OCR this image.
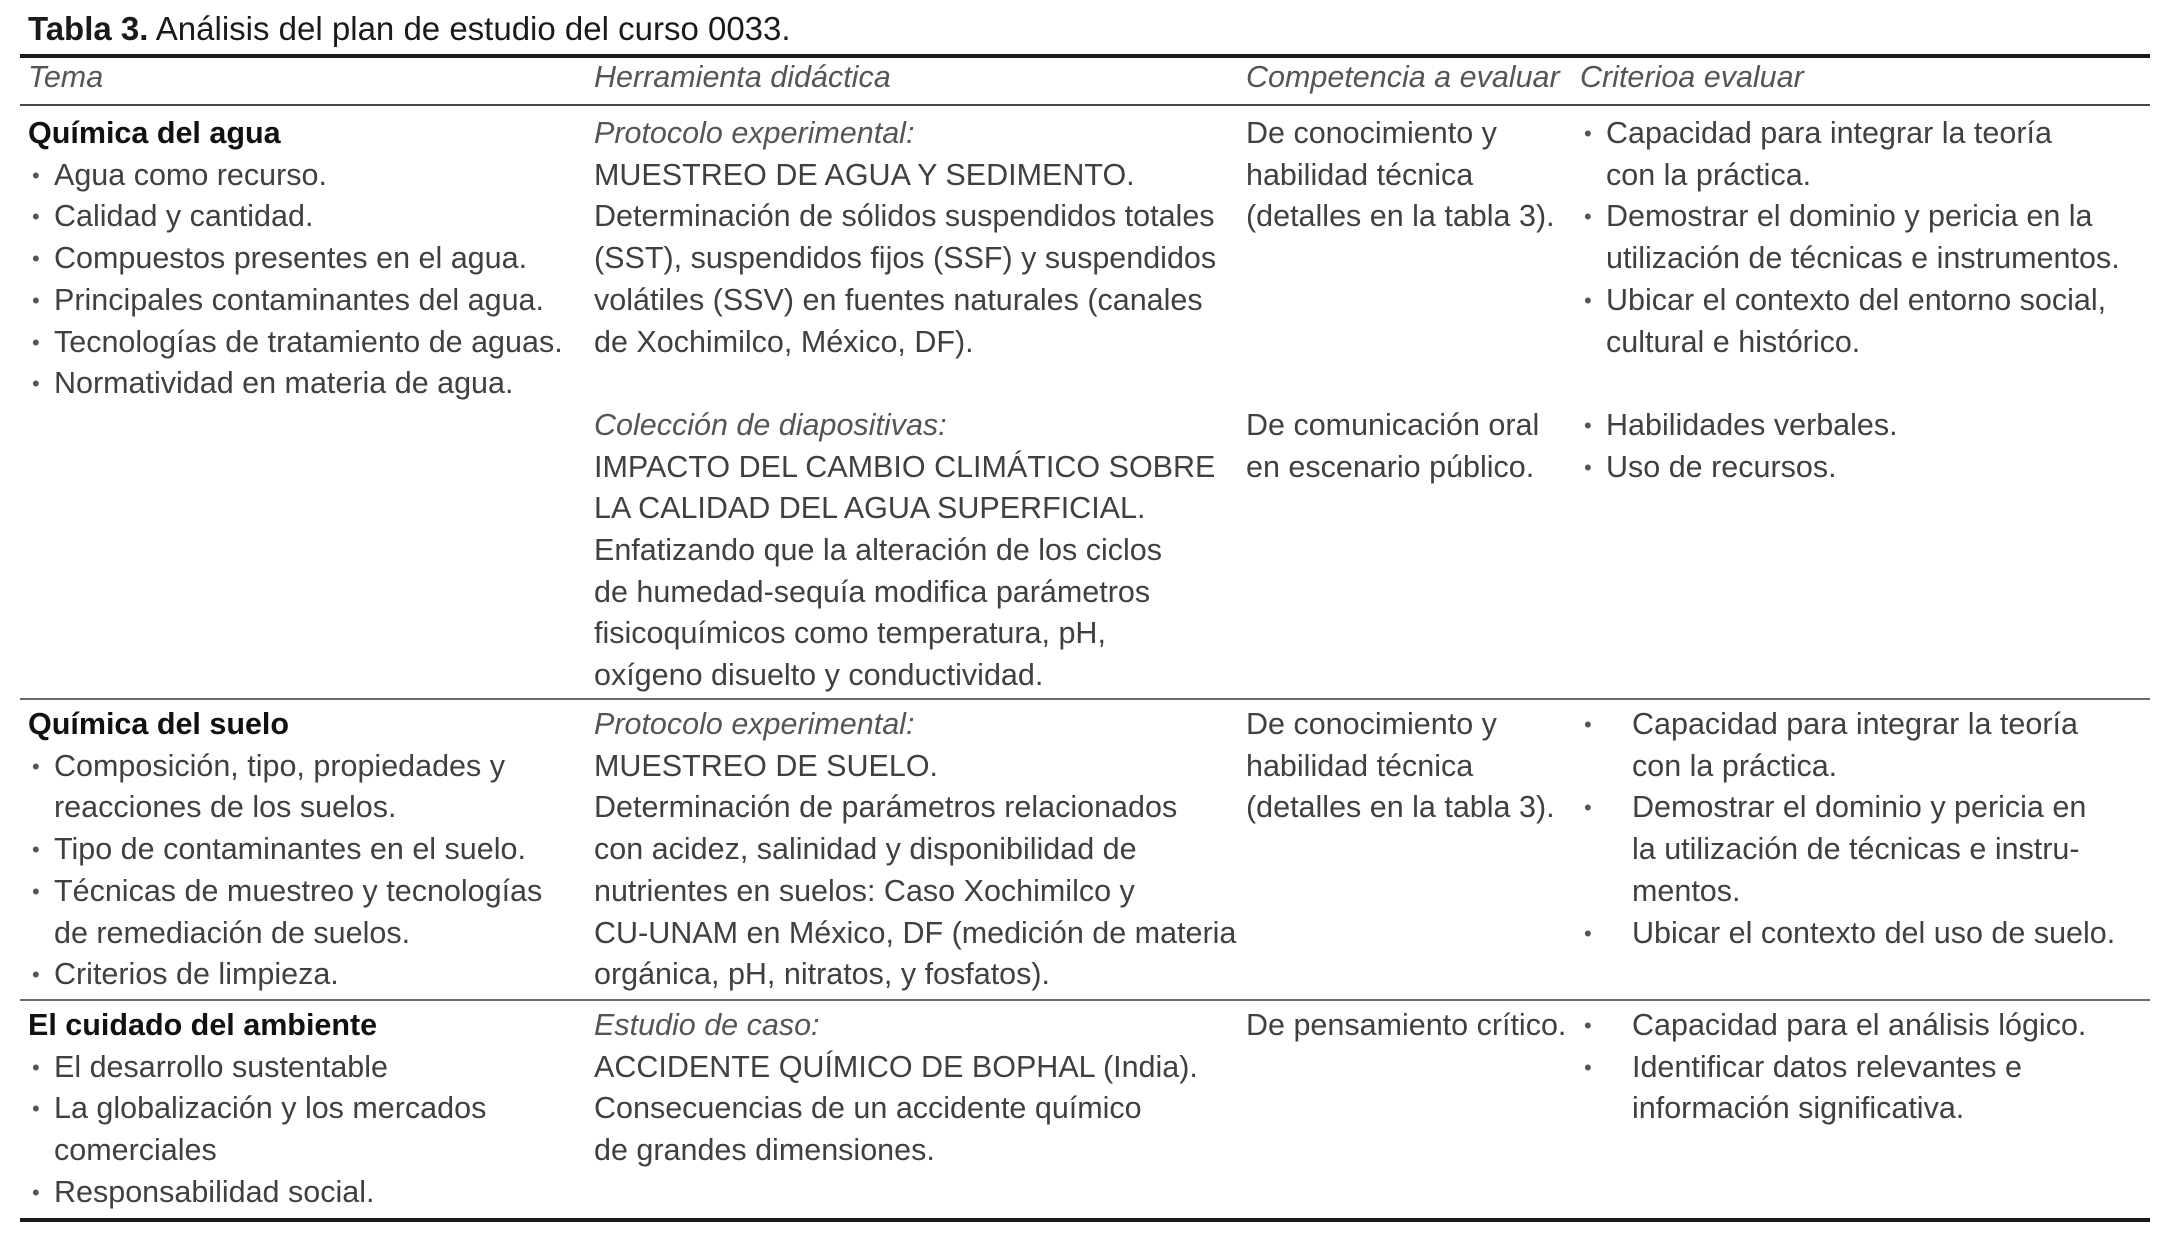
Tabla 3. Análisis del plan de estudio del curso 0033.
Tema	Herramienta didáctica	Competencia a evaluar Criterioa evaluar
Química del agua
• Agua como recurso.
• Calidad y cantidad.
• Compuestos presentes en el agua.
• Principales contaminantes del agua.
• Tecnologías de tratamiento de aguas.
• Normatividad en materia de agua.
Protocolo experimental:
MUESTREO DE AGUA Y SEDIMENTO.
Determinación de sólidos suspendidos totales
(SST), suspendidos fijos (SSF) y suspendidos
volátiles (SSV) en fuentes naturales (canales
de Xochimilco, México, DF).
Colección de diapositivas:
IMPACTO DEL CAMBIO CLIMÁTICO SOBRE
LA CALIDAD DEL AGUA SUPERFICIAL.
Enfatizando que la alteración de los ciclos
de humedad-sequía modifica parámetros
fisicoquímicos como temperatura, pH,
oxígeno disuelto y conductividad.
De conocimiento y
habilidad técnica
(detalles en la tabla 3).
De comunicación oral
en escenario público.
• Capacidad para integrar la teoría
con la práctica.
• Demostrar el dominio y pericia en la
utilización de técnicas e instrumentos.
• Ubicar el contexto del entorno social,
cultural e histórico.
• Habilidades verbales.
• Uso de recursos.
Química del suelo
• Composición, tipo, propiedades y
reacciones de los suelos.
• Tipo de contaminantes en el suelo.
• Técnicas de muestreo y tecnologías
de remediación de suelos.
• Criterios de limpieza.
Protocolo experimental:
MUESTREO DE SUELO.
Determinación de parámetros relacionados
con acidez, salinidad y disponibilidad de
nutrientes en suelos: Caso Xochimilco y
CU-UNAM en México, DF (medición de materia
orgánica, pH, nitratos, y fosfatos).
De conocimiento y
habilidad técnica
(detalles en la tabla 3).
• Capacidad para integrar la teoría
con la práctica.
• Demostrar el dominio y pericia en
la utilización de técnicas e instru-
mentos.
• Ubicar el contexto del uso de suelo.
El cuidado del ambiente
• El desarrollo sustentable
• La globalización y los mercados
comerciales
• Responsabilidad social.
Estudio de caso:
ACCIDENTE QUÍMICO DE BOPHAL (India).
Consecuencias de un accidente químico
de grandes dimensiones.
De pensamiento crítico.
•	Capacidad para el análisis lógico.
• Identificar datos relevantes e
información significativa.
